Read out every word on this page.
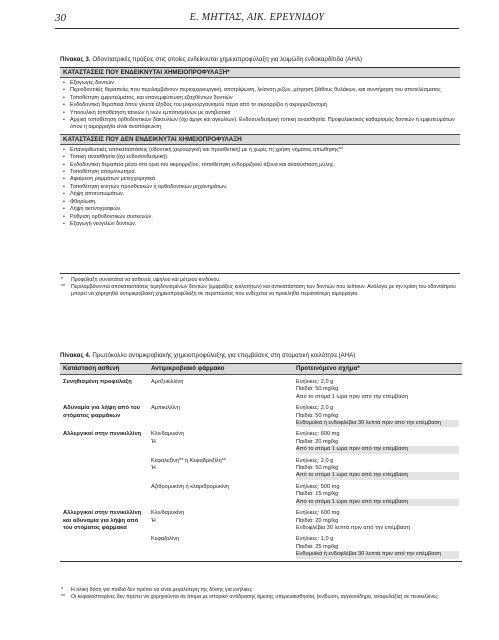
30	Ε. ΜΗΤΤΑΣ, ΑΙΚ. ΕΡΕΥΝΙΔΟΥ
Πίνακας 3. Οδοντιατρικές πράξεις στις οποίες ενδείκνυται χημειοπροφύλαξη για λοιμώδη ενδοκαρδίτιδα (ΑΗΑ)
ΚΑΤΑΣΤΑΣΕΙΣ ΠΟΥ ΕΝΔΕΙΚΝΥΤΑΙ ΧΗΜΕΙΟΠΡΟΦΥΛΑΞΗ*
• Εξαγωγές δοντιών
• Περιοδοντικές θεραπείες που περιλαμβάνουν περιοχειρουργική, αποτρίψωση, λείανση ριζών, μέτρηση βάθους θυλάκων, και συντήρηση του αποτελέσματος
• Τοποθέτηση εμφυτεύματος, και επανεμφύτευση εξαχθέντων δοντιών
• Ενδοδοντική θεραπεία όπου γίνεται έξοδος του μικροοργανισμού πέρα από το ακρορρίζιο ή ακρορριζεκτομή
• Υποουλική τοποθέτηση ταινιών ή ινών εμποτισμένων με αντιβιοτικά
• Αρχική τοποθέτηση ορθοδοντικών δακτυλίων (όχι άμιγκ και αγκυλίων). Ενδοσυνδεσμική τοπική αναισθησία. Προφυλακτικός καθαρισμός δοντιών ή εμφυτευμάτων όπου η αιμορραγία είναι αναπόφευκτη
ΚΑΤΑΣΤΑΣΕΙΣ ΠΟΥ ΔΕΝ ΕΝΔΕΙΚΝΥΤΑΙ ΧΗΜΕΙΟΠΡΟΦΥΛΑΞΗ
• Επανορθωτικές αποκαταστάσεις (οδοντική χειρουργική και προσθετική) με ή χωρίς τη χρήση νήματος απώθησης**
• Τοπική αναισθησία (όχι ενδοσυνδεσμική).
• Ενδοδοντική θεραπεία μέσα στα όρια του ακρορριζίου, τοποθέτηση ενδορριζικού άξονα και ανασύσταση μύλης.
• Τοποθέτηση απομονωτήρα.
• Αφαίρεση ραμμάτων μετεγχειρητικά.
• Τοποθέτηση κινητών προσθετικών ή ορθοδοντικών μηχανημάτων.
• Λήψη αποτυπωμάτων.
• Φθορίωση.
• Λήψη ακτινογραφιών.
• Ρύθμιση ορθοδοντικών συσκευών.
• Εξαγωγή νεογιλών δοντιών.
* Προφύλαξη συνιστάται να ασθενείς υψηλού και μέτριου κινδύνου.
** Περιλαμβάνονται αποκαταστάσεις τερηδονισμένων δοντιών (εμφράξεις κοιλοτήτων) και αντικατάσταση των δοντιών που λείπουν. Ανάλογα με την κρίση του οδοντιάτρου μπορεί να χορηγηθεί αντιμικροβιακή χημειοπροφύλαξη σε περιπτώσεις που ενδέχεται να προκληθεί περισσότερη αιμορραγία.
Πίνακας 4. Πρωτόκολλο αντιμικροβιακής χημειοπροφύλαξης για επεμβάσεις στη στοματική κοιλότητα (ΑΗΑ)
Κατάσταση ασθενή	Αντιμικροβιακό φάρμακο	Προτεινόμενο σχήμα*
Συνηθισμένη προφύλαξη	Αμοξυκιλλίνη	Ενήλικες: 2,0 g
Παιδιά: 50 mg/kg
Από το στόμα 1 ώρα πριν από την επέμβαση

Αδυναμία για λήψη από του στόματος φαρμάκων	Αμπικιλλίνη	Ενήλικες: 2,0 g
Παιδιά: 50 mg/kg
Ενδομυϊκά ή ενδοφλέβια 30 λεπτά πριν από την επέμβαση

Αλλεργικοί στην πενικιλλίνη	Κλινδαμυκίνη
Ή	Ενήλικες: 600 mg
Παιδιά: 20 mg/kg
Από το στόμα 1 ώρα πριν από την επέμβαση

	Κεφαλεξίνη** ή Κεφαδροξίλη**
Ή	Ενήλικες: 2,0 g
Παιδιά: 50 mg/kg
Από το στόμα 1 ώρα πριν από την επέμβαση

	Αζιθρομυκίνη ή κλαριθρομυκίνη	Ενήλικες: 500 mg
Παιδιά: 15 mg/kg
Από το στόμα 1 ώρα πριν από την επέμβαση

Αλλεργικοί στην πενικιλλίνη και αδυναμία για λήψη από του στόματος φάρμακα	Κλινδαμυκίνη
Ή	Ενήλικες: 600 mg
Παιδιά: 20 mg/kg
Ενδοφλέβια 30 λεπτά πριν από την επέμβαση

	Κεφαζολίνη	Ενήλικες: 1,0 g
Παιδιά: 25 mg/kg
Ενδομυϊκά ή ενδοφλέβια 30 λεπτά πριν από την επέμβαση
* Η ολική δόση για παιδιά δεν πρέπει να είναι μεγαλύτερη της δόσης για ενήλικες
** Οι κεφαλοσπορίνες δεν πρέπει να χορηγούνται σε άτομα με ιστορικό αντίδρασης άμεσης υπερευαισθησίας (κνίδωση, αγγειοοίδημα, αναφυλαξία) σε πενικιλλίνες
